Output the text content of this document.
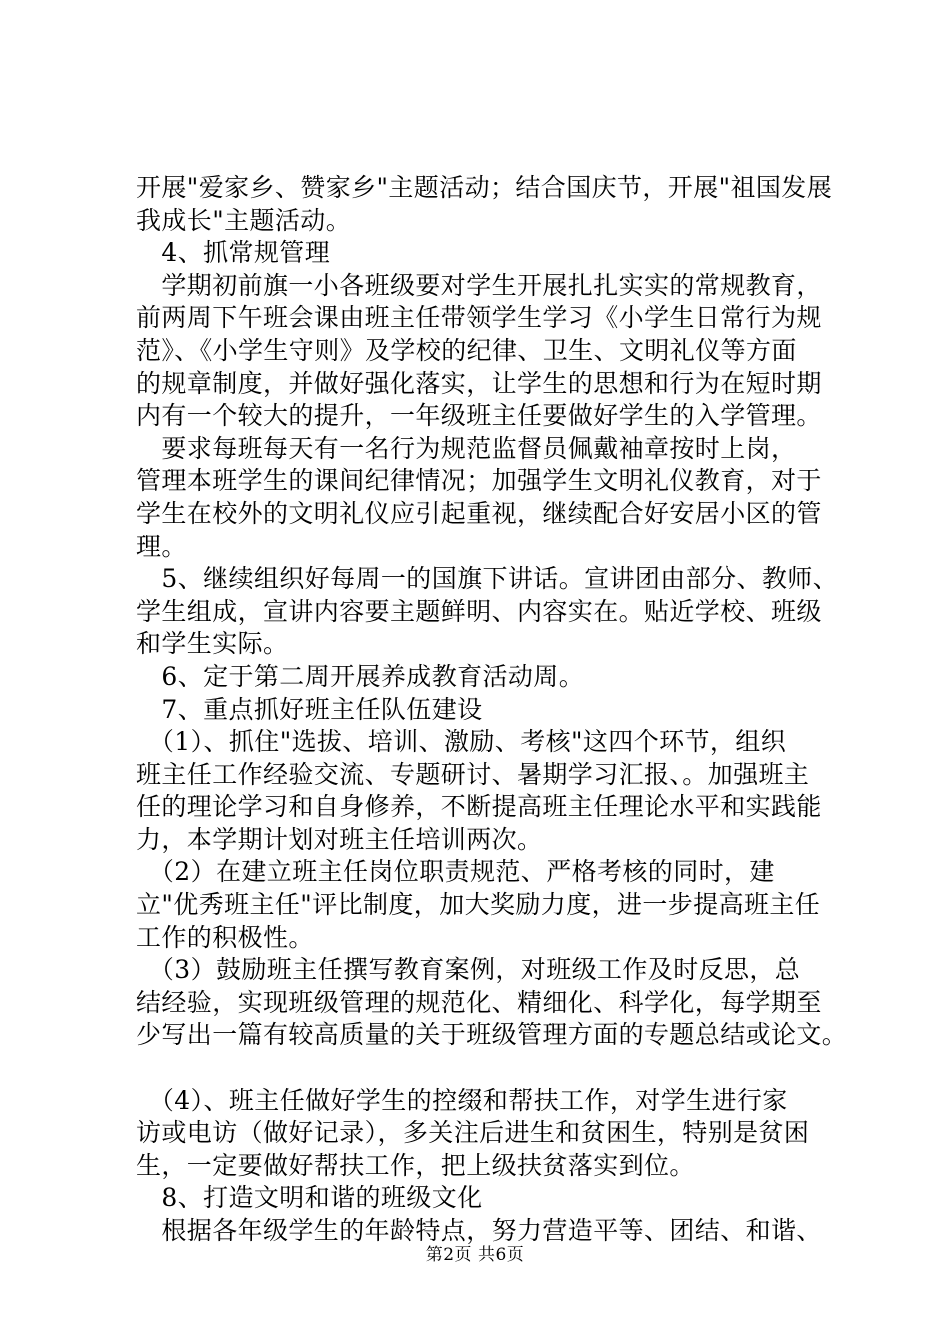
开展"爱家乡、赞家乡"主题活动；结合国庆节，开展"祖国发展
我成长"主题活动。
　4、抓常规管理
　学期初前旗一小各班级要对学生开展扎扎实实的常规教育，
前两周下午班会课由班主任带领学生学习《小学生日常行为规
范》、《小学生守则》及学校的纪律、卫生、文明礼仪等方面
的规章制度，并做好强化落实，让学生的思想和行为在短时期
内有一个较大的提升，一年级班主任要做好学生的入学管理。
　要求每班每天有一名行为规范监督员佩戴袖章按时上岗，
管理本班学生的课间纪律情况；加强学生文明礼仪教育，对于
学生在校外的文明礼仪应引起重视，继续配合好安居小区的管
理。
　5、继续组织好每周一的国旗下讲话。宣讲团由部分、教师、
学生组成，宣讲内容要主题鲜明、内容实在。贴近学校、班级
和学生实际。
　6、定于第二周开展养成教育活动周。
　7、重点抓好班主任队伍建设
　（1）、抓住"选拔、培训、激励、考核"这四个环节，组织
班主任工作经验交流、专题研讨、暑期学习汇报、。加强班主
任的理论学习和自身修养，不断提高班主任理论水平和实践能
力，本学期计划对班主任培训两次。
　（2）在建立班主任岗位职责规范、严格考核的同时，建
立"优秀班主任"评比制度，加大奖励力度，进一步提高班主任
工作的积极性。
　（3）鼓励班主任撰写教育案例，对班级工作及时反思，总
结经验，实现班级管理的规范化、精细化、科学化，每学期至
少写出一篇有较高质量的关于班级管理方面的专题总结或论文。
　（4）、班主任做好学生的控缀和帮扶工作，对学生进行家
访或电访（做好记录），多关注后进生和贫困生，特别是贫困
生，一定要做好帮扶工作，把上级扶贫落实到位。
　8、打造文明和谐的班级文化
　根据各年级学生的年龄特点，努力营造平等、团结、和谐、
第2页 共6页
